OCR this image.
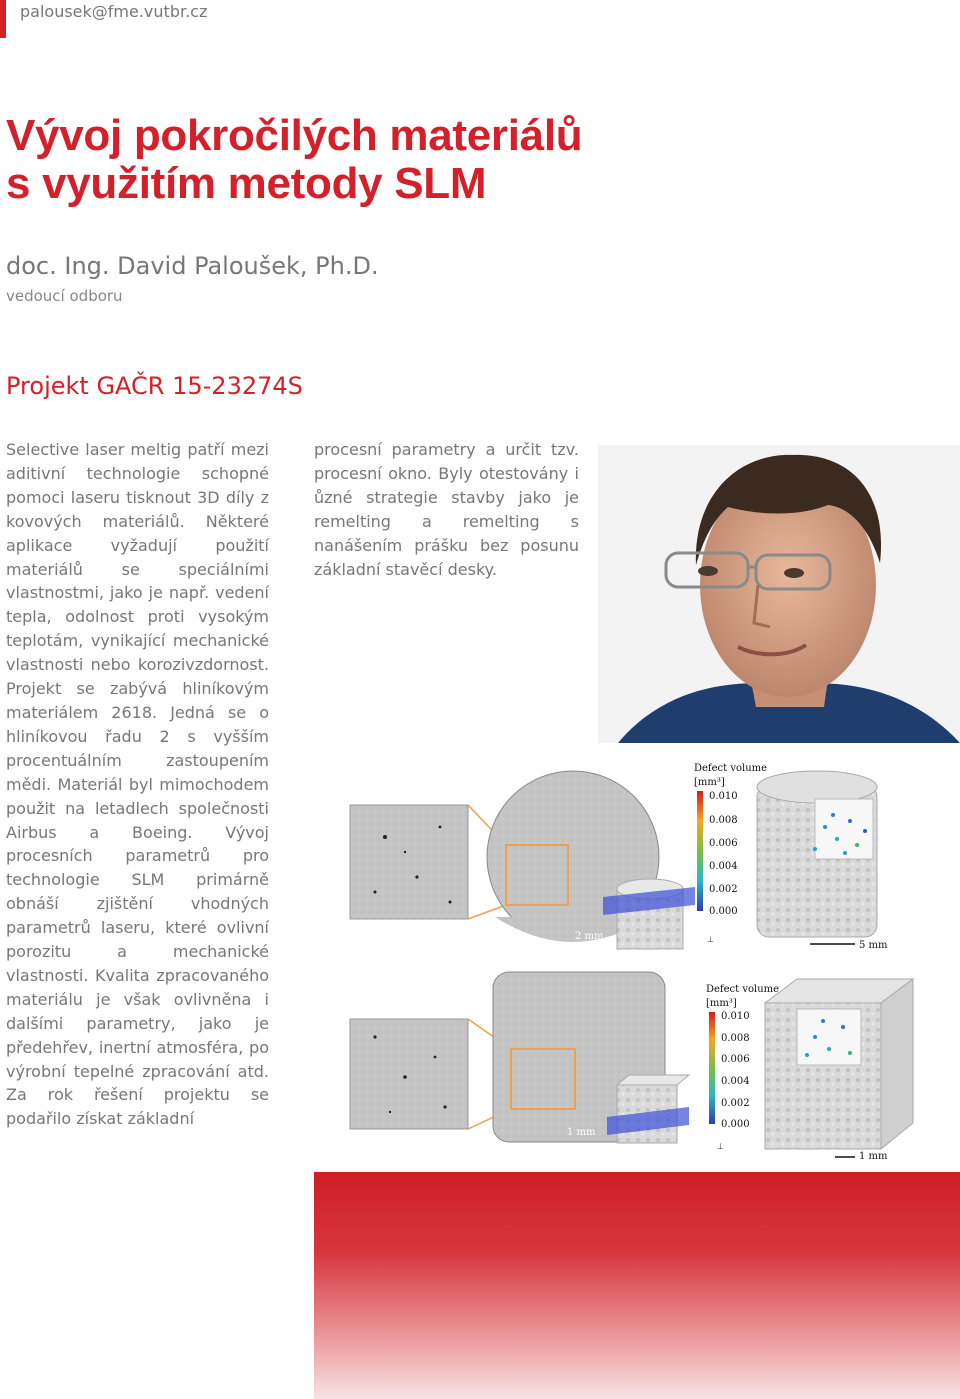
palousek@fme.vutbr.cz
Vývoj pokročilých materiálů
s využitím metody SLM
doc. Ing. David Paloušek, Ph.D.
vedoucí odboru
Projekt GAČR 15-23274S

Selective laser meltig patří mezi aditivní technologie schopné pomoci laseru tisknout 3D díly z kovových materiálů. Některé aplikace vyžadují použití materiálů se speciálními vlastnostmi, jako je např. vedení tepla, odolnost proti vysokým teplotám, vynikající mechanické vlastnosti nebo korozivzdornost. Projekt se zabývá hliníkovým materiálem 2618. Jedná se o hliníkovou řadu 2 s vyšším procentuálním zastoupením mědi. Materiál byl mimochodem použit na letadlech společnosti Airbus a Boeing. Vývoj procesních parametrů pro technologie SLM primárně obnáší zjištění vhodných parametrů laseru, které ovlivní porozitu a mechanické vlastnosti. Kvalita zpracovaného materiálu je však ovlivněna i dalšími parametry, jako je předehřev, inertní atmosféra, po výrobní tepelné zpracování atd. Za rok řešení projektu se podařilo získat základní

procesní parametry a určit tzv. procesní okno. Byly otestovány i ůzné strategie stavby jako je remelting a remelting s nanášením prášku bez posunu základní stavěcí desky.

2 mm
Defect volume
[mm³]
0.010
0.008
0.006
0.004
0.002
0.000
5 mm
⊥
1 mm
Defect volume
[mm³]
0.010
0.008
0.006
0.004
0.002
0.000
1 mm
⊥
